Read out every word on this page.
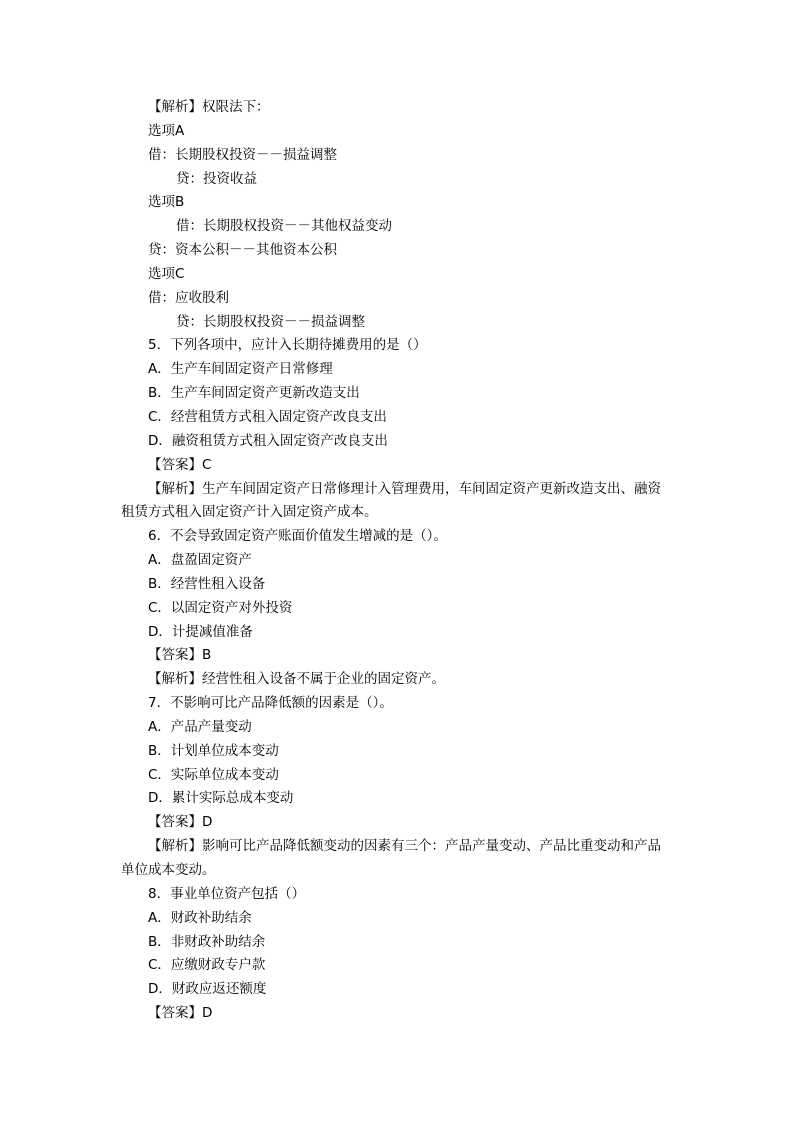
【解析】权限法下：
选项A
借：长期股权投资－－损益调整
贷：投资收益
选项B
借：长期股权投资－－其他权益变动
贷：资本公积－－其他资本公积
选项C
借：应收股利
贷：长期股权投资－－损益调整
5．下列各项中，应计入长期待摊费用的是（）
A．生产车间固定资产日常修理
B．生产车间固定资产更新改造支出
C．经营租赁方式租入固定资产改良支出
D．融资租赁方式租入固定资产改良支出
【答案】C
【解析】生产车间固定资产日常修理计入管理费用，车间固定资产更新改造支出、融资租赁方式租入固定资产计入固定资产成本。
6．不会导致固定资产账面价值发生增减的是（）。
A．盘盈固定资产
B．经营性租入设备
C．以固定资产对外投资
D．计提减值准备
【答案】B
【解析】经营性租入设备不属于企业的固定资产。
7．不影响可比产品降低额的因素是（）。
A．产品产量变动
B．计划单位成本变动
C．实际单位成本变动
D．累计实际总成本变动
【答案】D
【解析】影响可比产品降低额变动的因素有三个：产品产量变动、产品比重变动和产品单位成本变动。
8．事业单位资产包括（）
A．财政补助结余
B．非财政补助结余
C．应缴财政专户款
D．财政应返还额度
【答案】D
